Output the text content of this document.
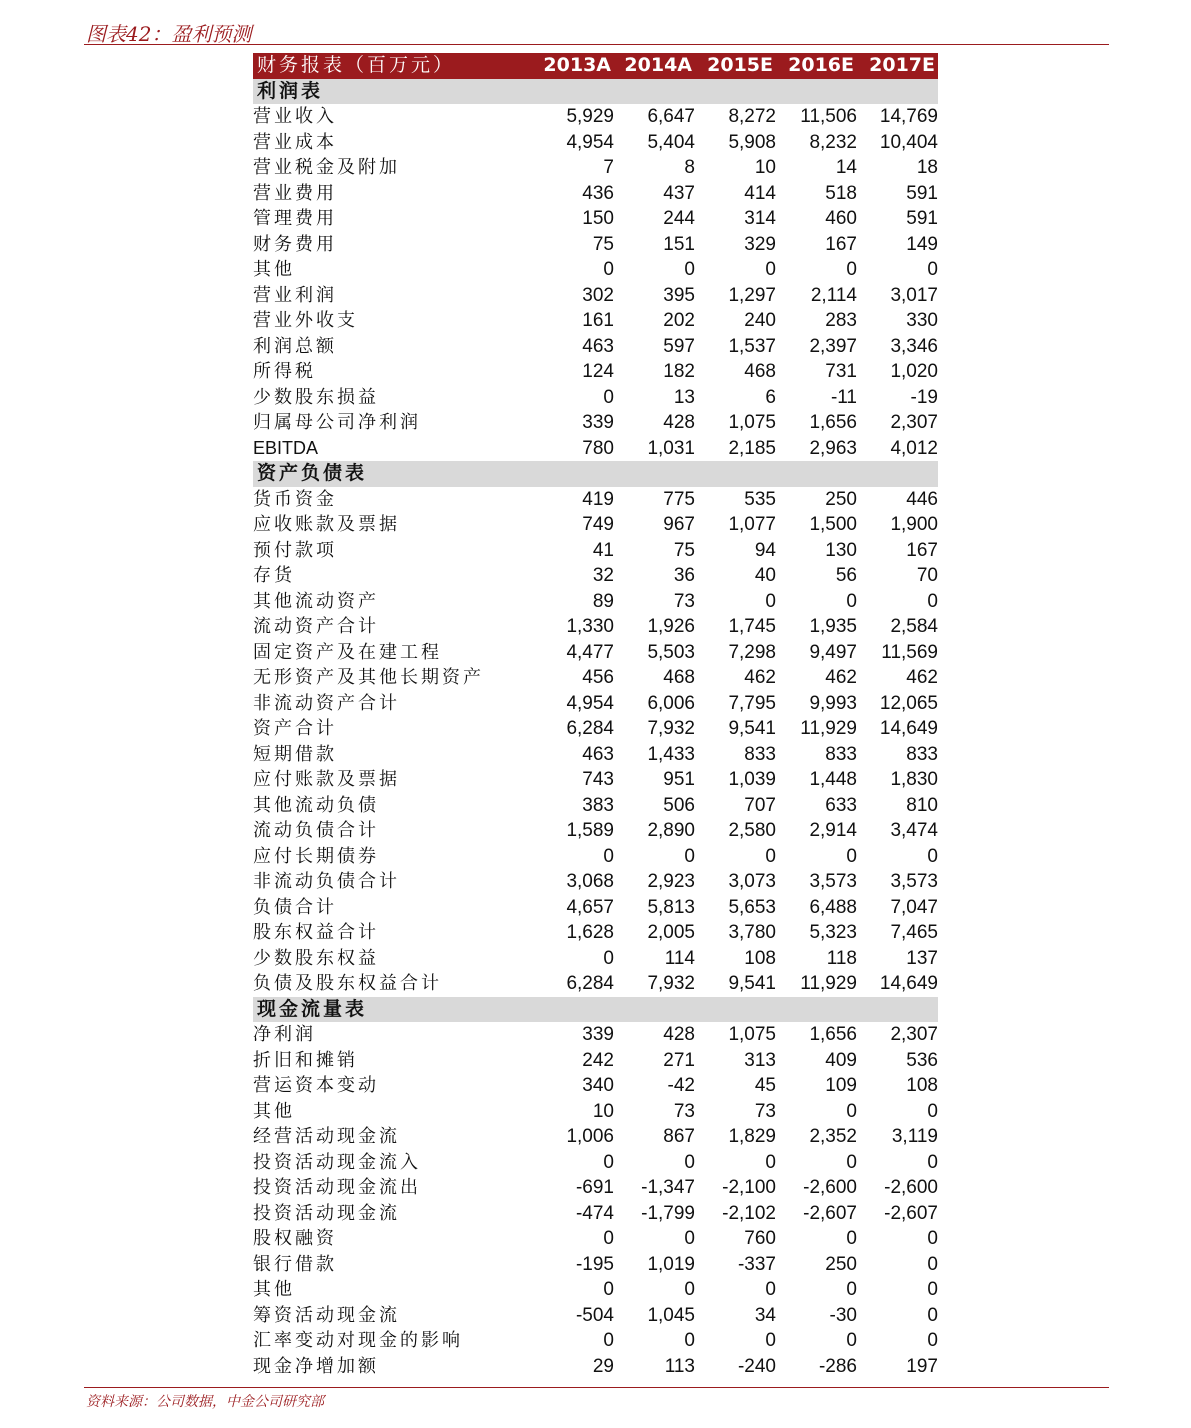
图表42：盈利预测
财务报表（百万元）	2013A	2014A	2015E	2016E	2017E
利润表					
营业收入	5,929	6,647	8,272	11,506	14,769
营业成本	4,954	5,404	5,908	8,232	10,404
营业税金及附加	7	8	10	14	18
营业费用	436	437	414	518	591
管理费用	150	244	314	460	591
财务费用	75	151	329	167	149
其他	0	0	0	0	0
营业利润	302	395	1,297	2,114	3,017
营业外收支	161	202	240	283	330
利润总额	463	597	1,537	2,397	3,346
所得税	124	182	468	731	1,020
少数股东损益	0	13	6	-11	-19
归属母公司净利润	339	428	1,075	1,656	2,307
EBITDA	780	1,031	2,185	2,963	4,012
资产负债表					
货币资金	419	775	535	250	446
应收账款及票据	749	967	1,077	1,500	1,900
预付款项	41	75	94	130	167
存货	32	36	40	56	70
其他流动资产	89	73	0	0	0
流动资产合计	1,330	1,926	1,745	1,935	2,584
固定资产及在建工程	4,477	5,503	7,298	9,497	11,569
无形资产及其他长期资产	456	468	462	462	462
非流动资产合计	4,954	6,006	7,795	9,993	12,065
资产合计	6,284	7,932	9,541	11,929	14,649
短期借款	463	1,433	833	833	833
应付账款及票据	743	951	1,039	1,448	1,830
其他流动负债	383	506	707	633	810
流动负债合计	1,589	2,890	2,580	2,914	3,474
应付长期债券	0	0	0	0	0
非流动负债合计	3,068	2,923	3,073	3,573	3,573
负债合计	4,657	5,813	5,653	6,488	7,047
股东权益合计	1,628	2,005	3,780	5,323	7,465
少数股东权益	0	114	108	118	137
负债及股东权益合计	6,284	7,932	9,541	11,929	14,649
现金流量表					
净利润	339	428	1,075	1,656	2,307
折旧和摊销	242	271	313	409	536
营运资本变动	340	-42	45	109	108
其他	10	73	73	0	0
经营活动现金流	1,006	867	1,829	2,352	3,119
投资活动现金流入	0	0	0	0	0
投资活动现金流出	-691	-1,347	-2,100	-2,600	-2,600
投资活动现金流	-474	-1,799	-2,102	-2,607	-2,607
股权融资	0	0	760	0	0
银行借款	-195	1,019	-337	250	0
其他	0	0	0	0	0
筹资活动现金流	-504	1,045	34	-30	0
汇率变动对现金的影响	0	0	0	0	0
现金净增加额	29	113	-240	-286	197
资料来源：公司数据，中金公司研究部
